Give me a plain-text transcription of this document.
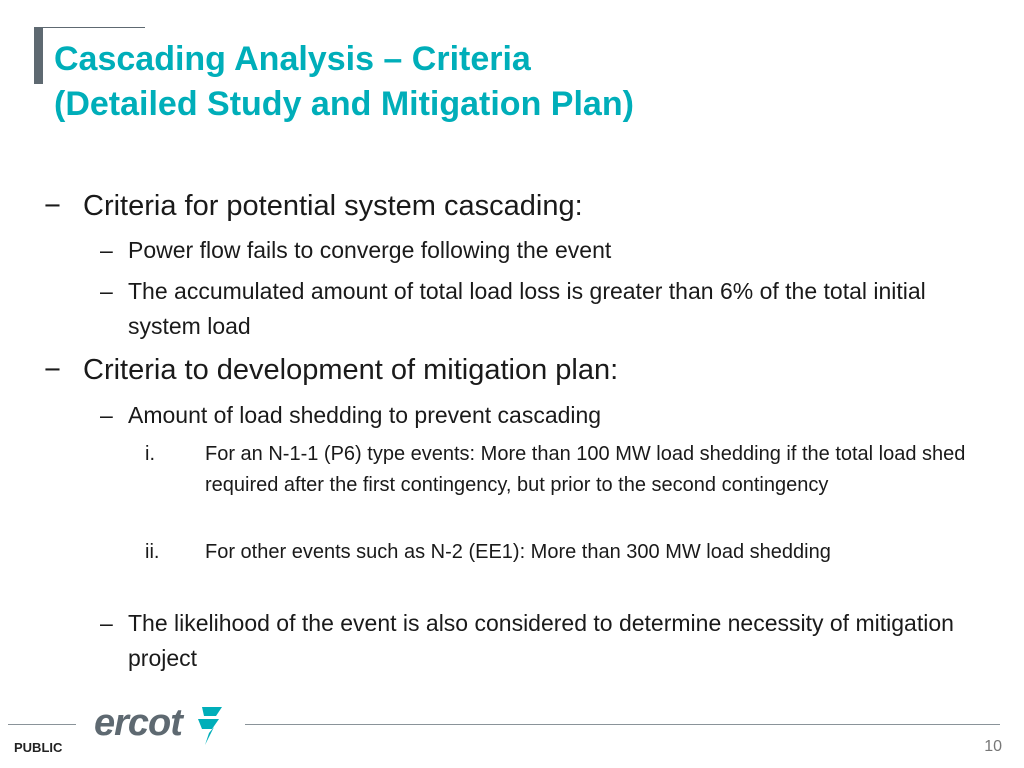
Cascading Analysis – Criteria
(Detailed Study and Mitigation Plan)
− Criteria for potential system cascading:
– Power flow fails to converge following the event
– The accumulated amount of total load loss is greater than 6% of the total initial system load
− Criteria to development of mitigation plan:
– Amount of load shedding to prevent cascading
i.	For an N-1-1 (P6) type events: More than 100 MW load shedding if the total load shed required after the first contingency, but prior to the second contingency
ii. For other events such as N-2 (EE1): More than 300 MW load shedding
– The likelihood of the event is also considered to determine necessity of mitigation project
ercot
PUBLIC	10
